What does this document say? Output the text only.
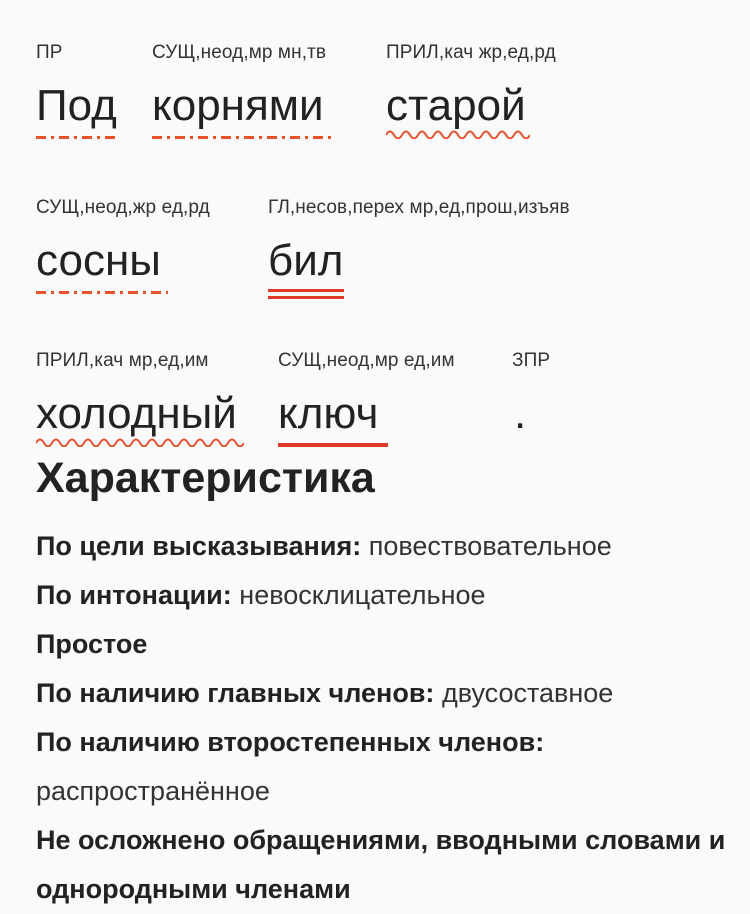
ПР
Под
СУЩ,неод,мр мн,тв
корнями
ПРИЛ,кач жр,ед,рд
старой
СУЩ,неод,жр ед,рд
сосны
ГЛ,несов,перех мр,ед,прош,изъяв
бил
ПРИЛ,кач мр,ед,им
холодный
СУЩ,неод,мр ед,им
ключ
ЗПР
.
Характеристика
По цели высказывания: повествовательное
По интонации: невосклицательное
Простое
По наличию главных членов: двусоставное
По наличию второстепенных членов: распространённое
Не осложнено обращениями, вводными словами и однородными членами
